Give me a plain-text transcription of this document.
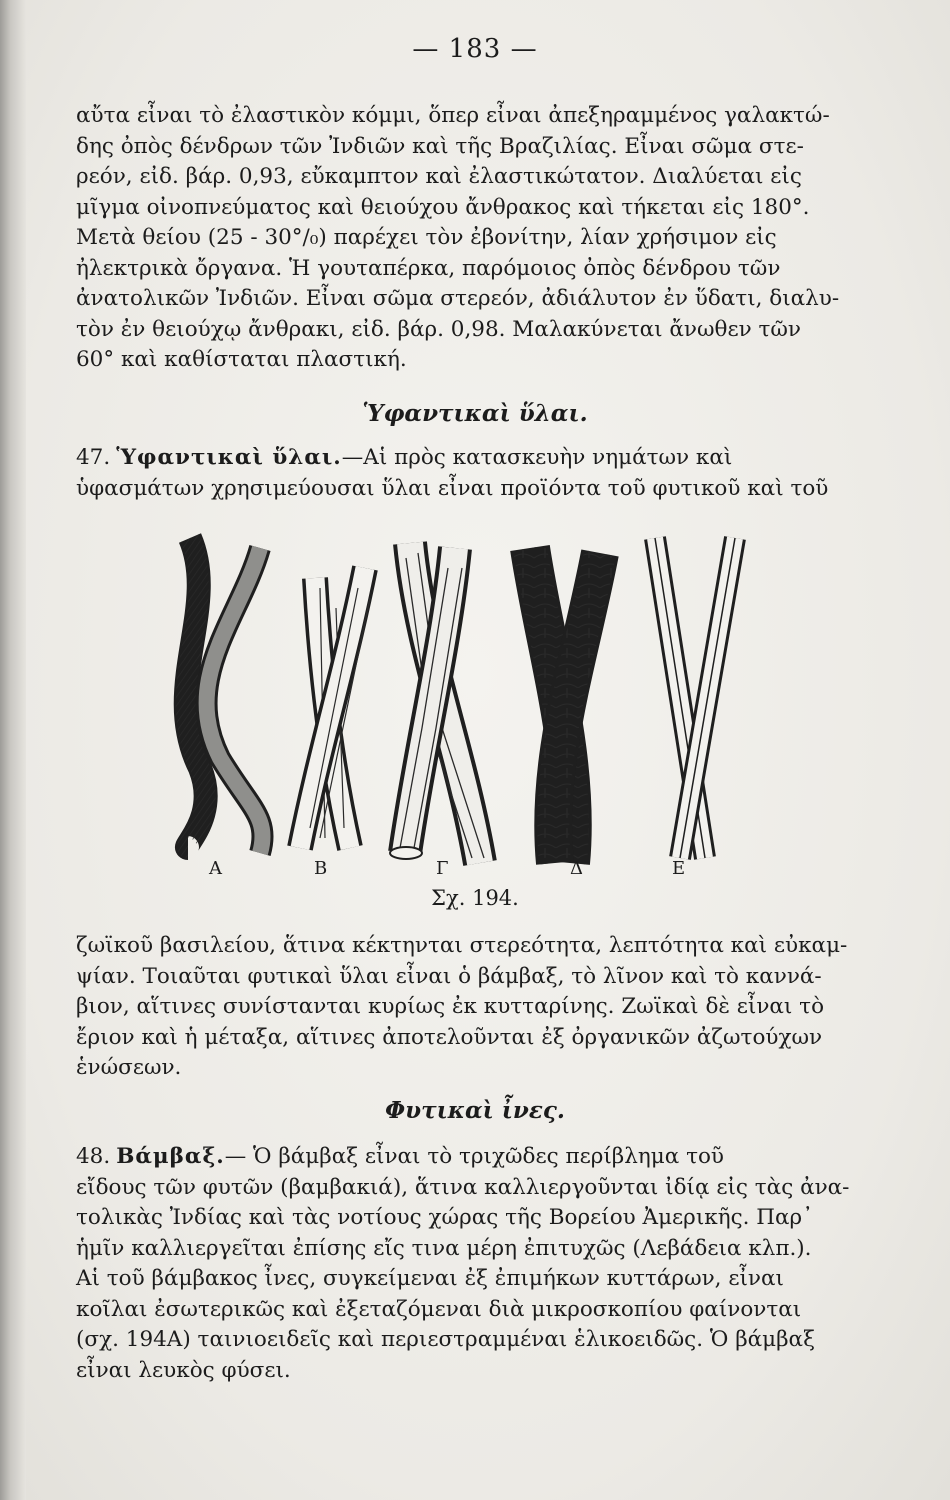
— 183 —
αὔτα εἶναι τὸ ἐλαστικὸν κόμμι, ὅπερ εἶναι ἀπεξηραμμένος γαλακτώ-
δης ὀπὸς δένδρων τῶν Ἰνδιῶν καὶ τῆς Βραζιλίας. Εἶναι σῶμα στε-
ρεόν, εἰδ. βάρ. 0,93, εὔκαμπτον καὶ ἐλαστικώτατον. Διαλύεται εἰς
μῖγμα οἰνοπνεύματος καὶ θειούχου ἄνθρακος καὶ τήκεται εἰς 180°.
Μετὰ θείου (25 - 30°/₀) παρέχει τὸν ἐβονίτην, λίαν χρήσιμον εἰς
ἠλεκτρικὰ ὄργανα. Ἡ γουταπέρκα, παρόμοιος ὀπὸς δένδρου τῶν
ἀνατολικῶν Ἰνδιῶν. Εἶναι σῶμα στερεόν, ἀδιάλυτον ἐν ὕδατι, διαλυ-
τὸν ἐν θειούχῳ ἄνθρακι, εἰδ. βάρ. 0,98. Μαλακύνεται ἄνωθεν τῶν
60° καὶ καθίσταται πλαστική.
Ὑφαντικαὶ ὕλαι.
47. Ὑφαντικαὶ ὕλαι.—Αἱ πρὸς κατασκευὴν νημάτων καὶ
ὑφασμάτων χρησιμεύουσαι ὕλαι εἶναι προϊόντα τοῦ φυτικοῦ καὶ τοῦ
Α	Β	Γ	Δ	Ε
Σχ. 194.
ζωϊκοῦ βασιλείου, ἅτινα κέκτηνται στερεότητα, λεπτότητα καὶ εὐκαμ-
ψίαν. Τοιαῦται φυτικαὶ ὕλαι εἶναι ὁ βάμβαξ, τὸ λῖνον καὶ τὸ καννά-
βιον, αἵτινες συνίστανται κυρίως ἐκ κυτταρίνης. Ζωϊκαὶ δὲ εἶναι τὸ
ἔριον καὶ ἡ μέταξα, αἵτινες ἀποτελοῦνται ἐξ ὀργανικῶν ἀζωτούχων
ἑνώσεων.
Φυτικαὶ ἶνες.
48. Βάμβαξ.— Ὁ βάμβαξ εἶναι τὸ τριχῶδες περίβλημα τοῦ
εἴδους τῶν φυτῶν (βαμβακιά), ἅτινα καλλιεργοῦνται ἰδίᾳ εἰς τὰς ἀνα-
τολικὰς Ἰνδίας καὶ τὰς νοτίους χώρας τῆς Βορείου Ἀμερικῆς. Παρ᾽
ἡμῖν καλλιεργεῖται ἐπίσης εἴς τινα μέρη ἐπιτυχῶς (Λεβάδεια κλπ.).
Αἱ τοῦ βάμβακος ἶνες, συγκείμεναι ἐξ ἐπιμήκων κυττάρων, εἶναι
κοῖλαι ἐσωτερικῶς καὶ ἐξεταζόμεναι διὰ μικροσκοπίου φαίνονται
(σχ. 194Α) ταινιοειδεῖς καὶ περιεστραμμέναι ἑλικοειδῶς. Ὁ βάμβαξ
εἶναι λευκὸς φύσει.
